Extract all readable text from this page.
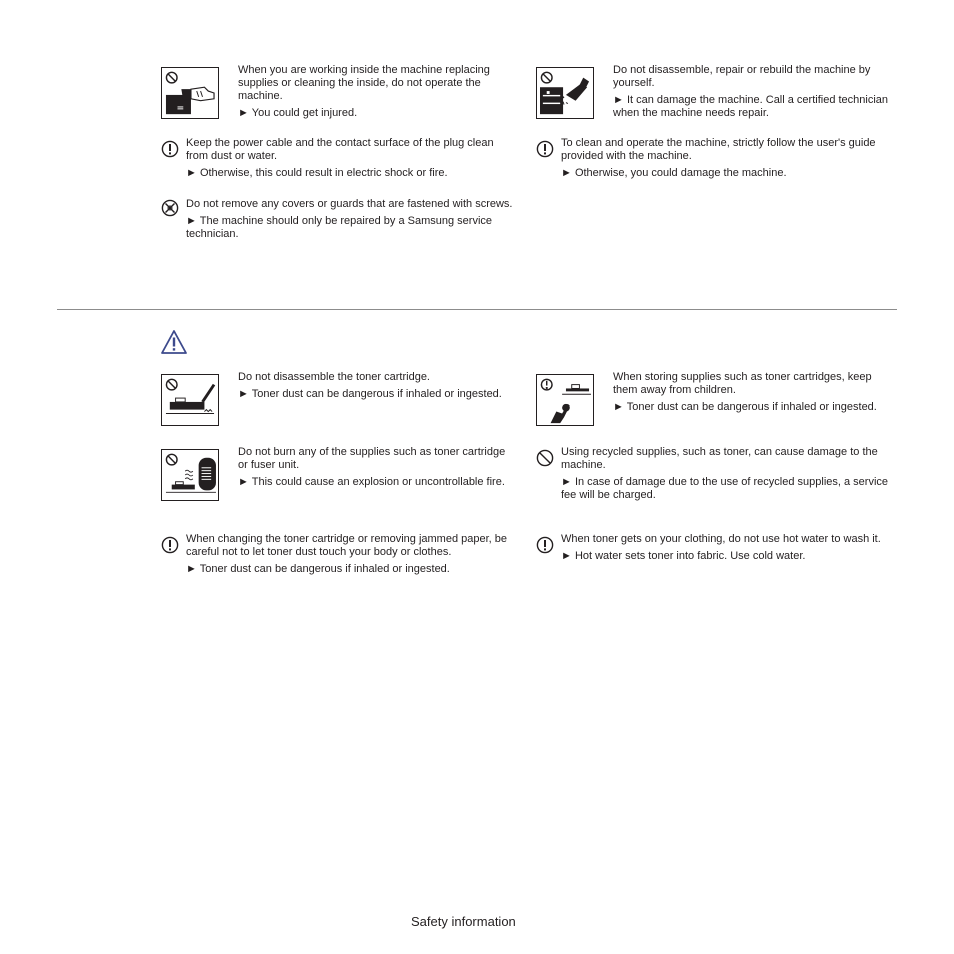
When you are working inside the machine replacing supplies or cleaning the inside, do not operate the machine.

► You could get injured.

Do not disassemble, repair or rebuild the machine by yourself.

► It can damage the machine. Call a certified technician when the machine needs repair.

Keep the power cable and the contact surface of the plug clean from dust or water.

► Otherwise, this could result in electric shock or fire.

To clean and operate the machine, strictly follow the user's guide provided with the machine.

► Otherwise, you could damage the machine.

Do not remove any covers or guards that are fastened with screws.

► The machine should only be repaired by a Samsung service technician.

Do not disassemble the toner cartridge.

► Toner dust can be dangerous if inhaled or ingested.

When storing supplies such as toner cartridges, keep them away from children.

► Toner dust can be dangerous if inhaled or ingested.

Do not burn any of the supplies such as toner cartridge or fuser unit.

► This could cause an explosion or uncontrollable fire.

Using recycled supplies, such as toner, can cause damage to the machine.

► In case of damage due to the use of recycled supplies, a service fee will be charged.

When changing the toner cartridge or removing jammed paper, be careful not to let toner dust touch your body or clothes.

► Toner dust can be dangerous if inhaled or ingested.

When toner gets on your clothing, do not use hot water to wash it.

► Hot water sets toner into fabric. Use cold water.

Safety information
